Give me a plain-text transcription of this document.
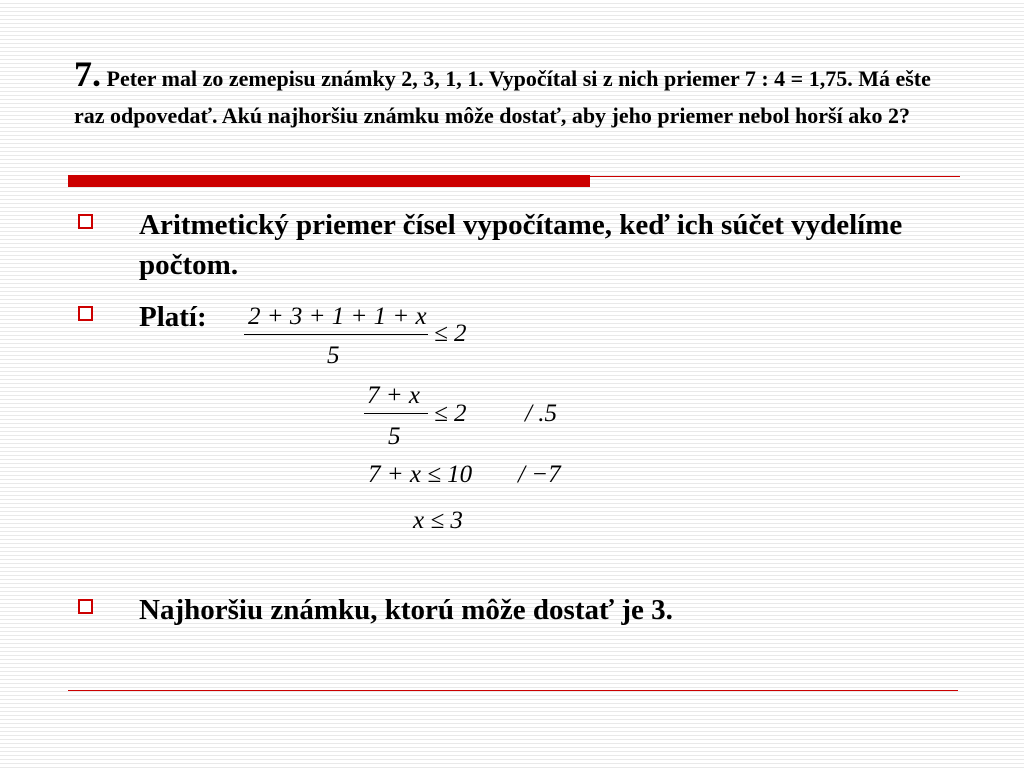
7. Peter mal zo zemepisu známky 2, 3, 1, 1. Vypočítal si z nich priemer 7 : 4 = 1,75. Má ešte raz odpovedať. Akú najhoršiu známku môže dostať, aby jeho priemer nebol horší ako 2?
Aritmetický priemer čísel vypočítame, keď ich súčet vydelíme počtom.
Platí: 2 + 3 + 1 + 1 + x
5
≤ 2
7 + x
5
≤ 2 / .5
7 + x ≤ 10 / −7
x ≤ 3
Najhoršiu známku, ktorú môže dostať je 3.
